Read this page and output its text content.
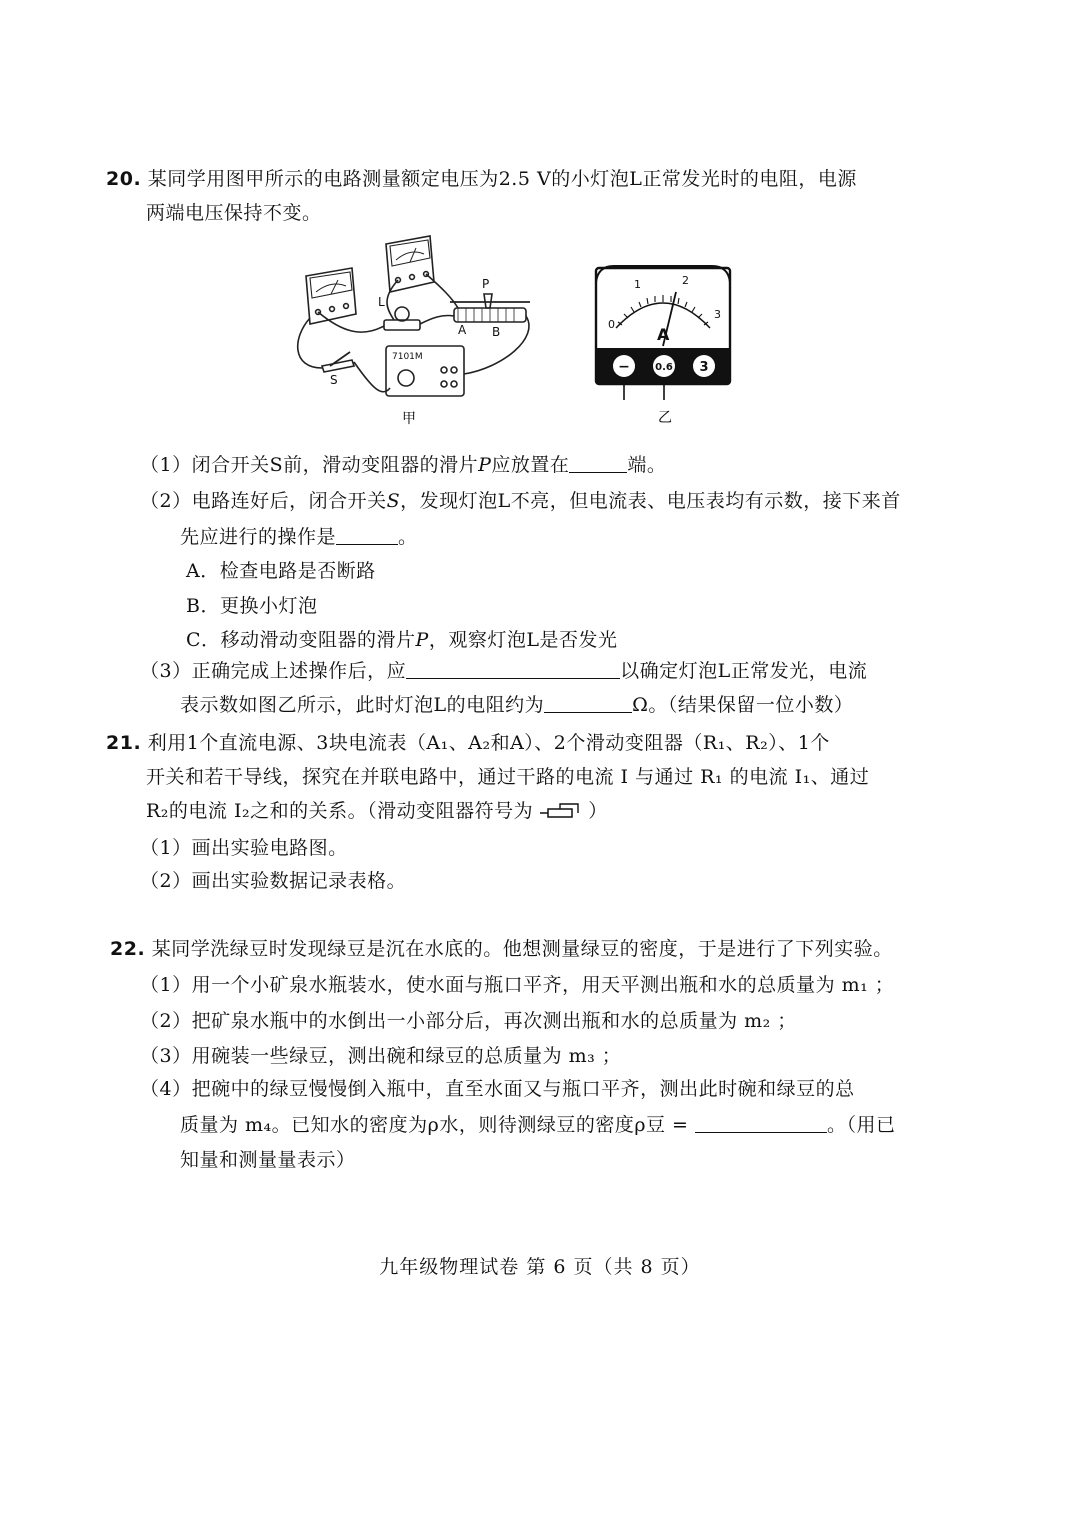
20. 某同学用图甲所示的电路测量额定电压为2.5 V的小灯泡L正常发光时的电阻，电源
两端电压保持不变。
L
P
A B
S
7101M
甲
0
1	2
3
A
−	0.6 3
乙
（1）闭合开关S前，滑动变阻器的滑片P应放置在	端。
（2）电路连好后，闭合开关S，发现灯泡L不亮，但电流表、电压表均有示数，接下来首
先应进行的操作是	。
A．检查电路是否断路
B．更换小灯泡
C．移动滑动变阻器的滑片P，观察灯泡L是否发光
（3）正确完成上述操作后，应	以确定灯泡L正常发光，电流
表示数如图乙所示，此时灯泡L的电阻约为	Ω。（结果保留一位小数）
21. 利用1个直流电源、3块电流表（A₁、A₂和A）、2个滑动变阻器（R₁、R₂）、1个
开关和若干导线，探究在并联电路中，通过干路的电流 I 与通过 R₁ 的电流 I₁、通过
R₂的电流 I₂之和的关系。（滑动变阻器符号为	）
（1）画出实验电路图。
（2）画出实验数据记录表格。
22. 某同学洗绿豆时发现绿豆是沉在水底的。他想测量绿豆的密度，于是进行了下列实验。
（1）用一个小矿泉水瓶装水，使水面与瓶口平齐，用天平测出瓶和水的总质量为 m₁ ；
（2）把矿泉水瓶中的水倒出一小部分后，再次测出瓶和水的总质量为 m₂ ；
（3）用碗装一些绿豆，测出碗和绿豆的总质量为 m₃ ；
（4）把碗中的绿豆慢慢倒入瓶中，直至水面又与瓶口平齐，测出此时碗和绿豆的总
质量为 m₄。已知水的密度为ρ水，则待测绿豆的密度ρ豆 =	。（用已
知量和测量量表示）
九年级物理试卷 第 6 页（共 8 页）
